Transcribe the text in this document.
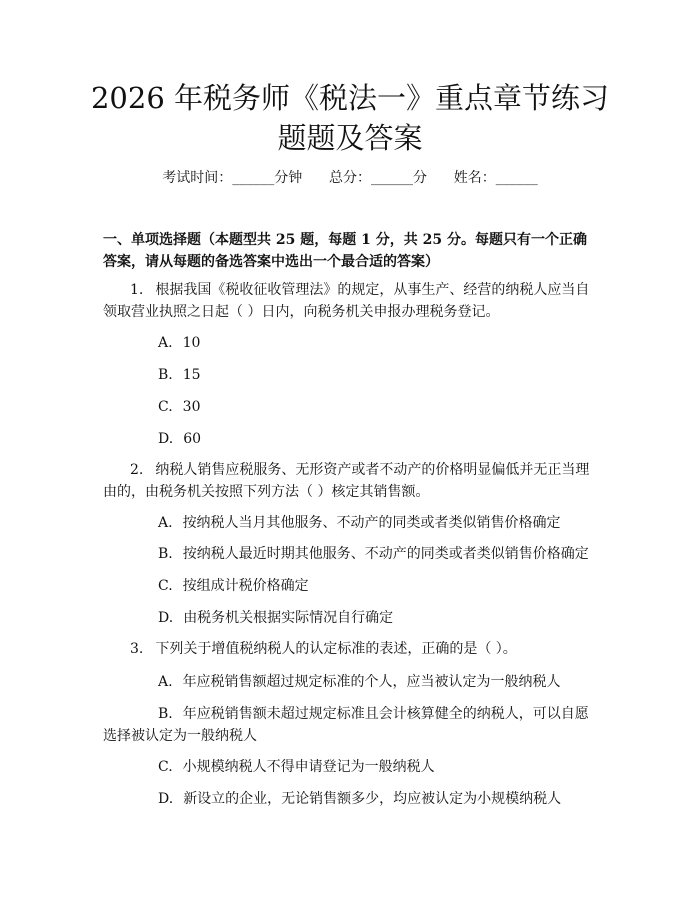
2026 年税务师《税法一》重点章节练习题题及答案
考试时间：______分钟 总分：______分 姓名：______

一、单项选择题（本题型共 25 题，每题 1 分，共 25 分。每题只有一个正确答案，请从每题的备选答案中选出一个最合适的答案）

1. 根据我国《税收征收管理法》的规定，从事生产、经营的纳税人应当自领取营业执照之日起（ ）日内，向税务机关申报办理税务登记。

A. 10

B. 15

C. 30

D. 60

2. 纳税人销售应税服务、无形资产或者不动产的价格明显偏低并无正当理由的，由税务机关按照下列方法（ ）核定其销售额。

A. 按纳税人当月其他服务、不动产的同类或者类似销售价格确定

B. 按纳税人最近时期其他服务、不动产的同类或者类似销售价格确定

C. 按组成计税价格确定

D. 由税务机关根据实际情况自行确定

3. 下列关于增值税纳税人的认定标准的表述，正确的是（ ）。

A. 年应税销售额超过规定标准的个人，应当被认定为一般纳税人

B. 年应税销售额未超过规定标准且会计核算健全的纳税人，可以自愿选择被认定为一般纳税人

C. 小规模纳税人不得申请登记为一般纳税人

D. 新设立的企业，无论销售额多少，均应被认定为小规模纳税人
